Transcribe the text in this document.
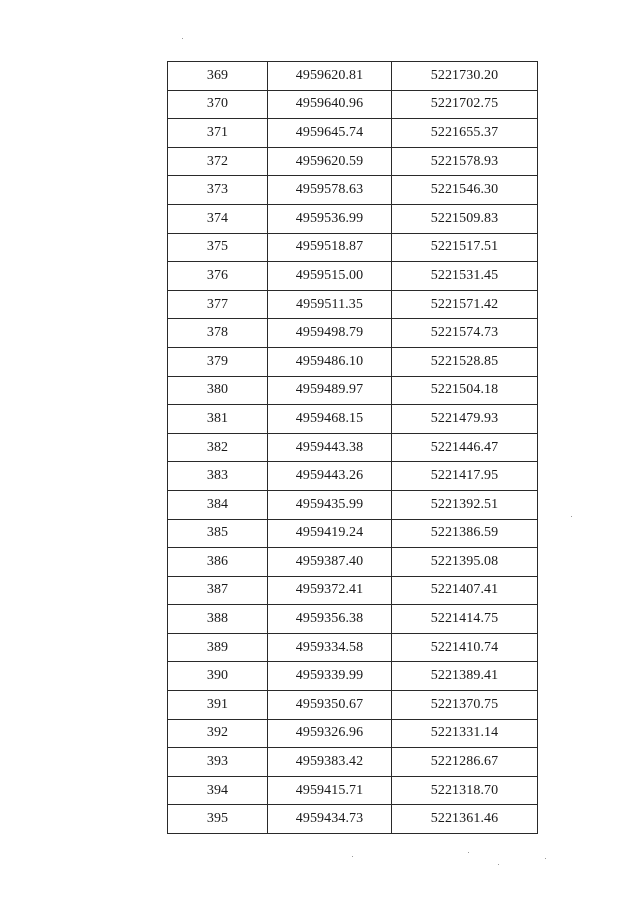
369	4959620.81	5221730.20
370	4959640.96	5221702.75
371	4959645.74	5221655.37
372	4959620.59	5221578.93
373	4959578.63	5221546.30
374	4959536.99	5221509.83
375	4959518.87	5221517.51
376	4959515.00	5221531.45
377	4959511.35	5221571.42
378	4959498.79	5221574.73
379	4959486.10	5221528.85
380	4959489.97	5221504.18
381	4959468.15	5221479.93
382	4959443.38	5221446.47
383	4959443.26	5221417.95
384	4959435.99	5221392.51
385	4959419.24	5221386.59
386	4959387.40	5221395.08
387	4959372.41	5221407.41
388	4959356.38	5221414.75
389	4959334.58	5221410.74
390	4959339.99	5221389.41
391	4959350.67	5221370.75
392	4959326.96	5221331.14
393	4959383.42	5221286.67
394	4959415.71	5221318.70
395	4959434.73	5221361.46
